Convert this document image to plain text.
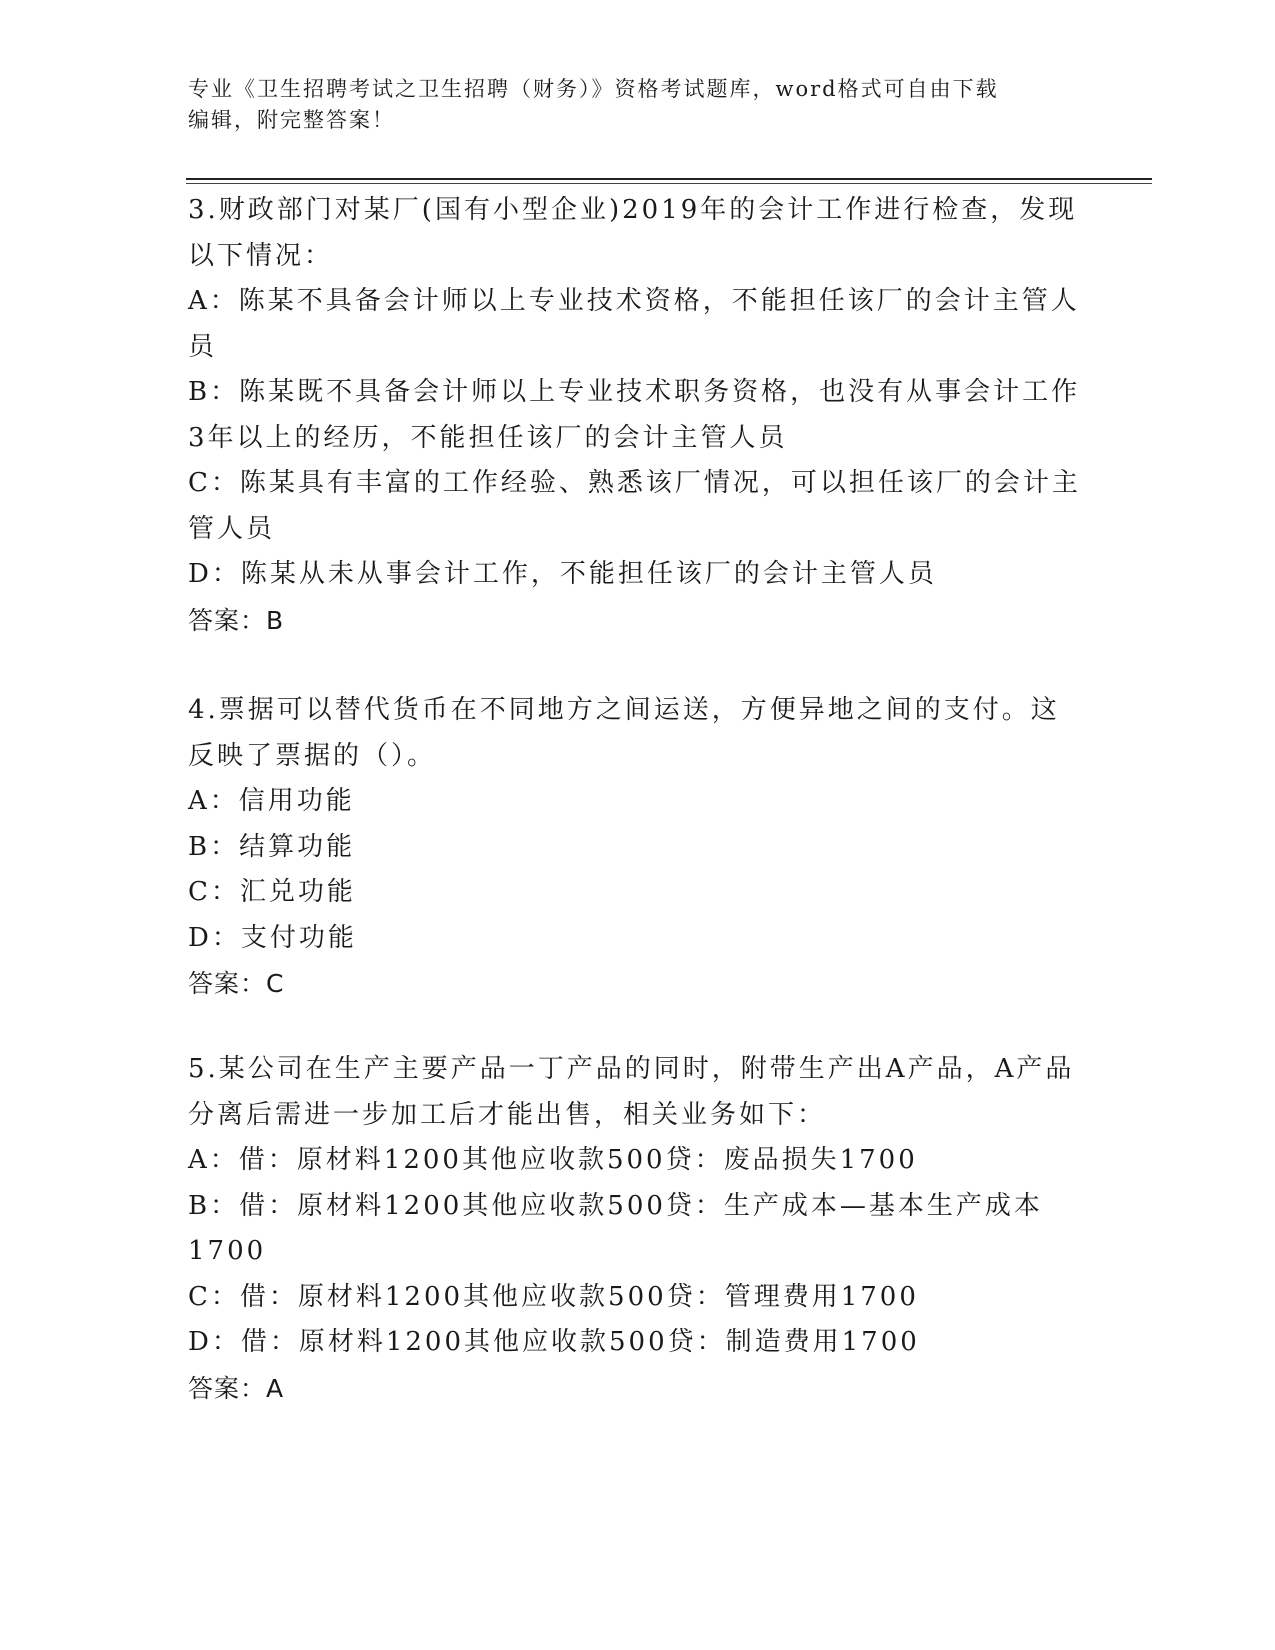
专业《卫生招聘考试之卫生招聘（财务）》资格考试题库，word格式可自由下载
编辑，附完整答案！
3.财政部门对某厂(国有小型企业)2019年的会计工作进行检查，发现
以下情况：
A：陈某不具备会计师以上专业技术资格，不能担任该厂的会计主管人
员
B：陈某既不具备会计师以上专业技术职务资格，也没有从事会计工作
3年以上的经历，不能担任该厂的会计主管人员
C：陈某具有丰富的工作经验、熟悉该厂情况，可以担任该厂的会计主
管人员
D：陈某从未从事会计工作，不能担任该厂的会计主管人员
答案：B
4.票据可以替代货币在不同地方之间运送，方便异地之间的支付。这
反映了票据的（）。
A：信用功能
B：结算功能
C：汇兑功能
D：支付功能
答案：C
5.某公司在生产主要产品一丁产品的同时，附带生产出A产品，A产品
分离后需进一步加工后才能出售，相关业务如下：
A：借：原材料1200其他应收款500贷：废品损失1700
B：借：原材料1200其他应收款500贷：生产成本—基本生产成本
1700
C：借：原材料1200其他应收款500贷：管理费用1700
D：借：原材料1200其他应收款500贷：制造费用1700
答案：A
